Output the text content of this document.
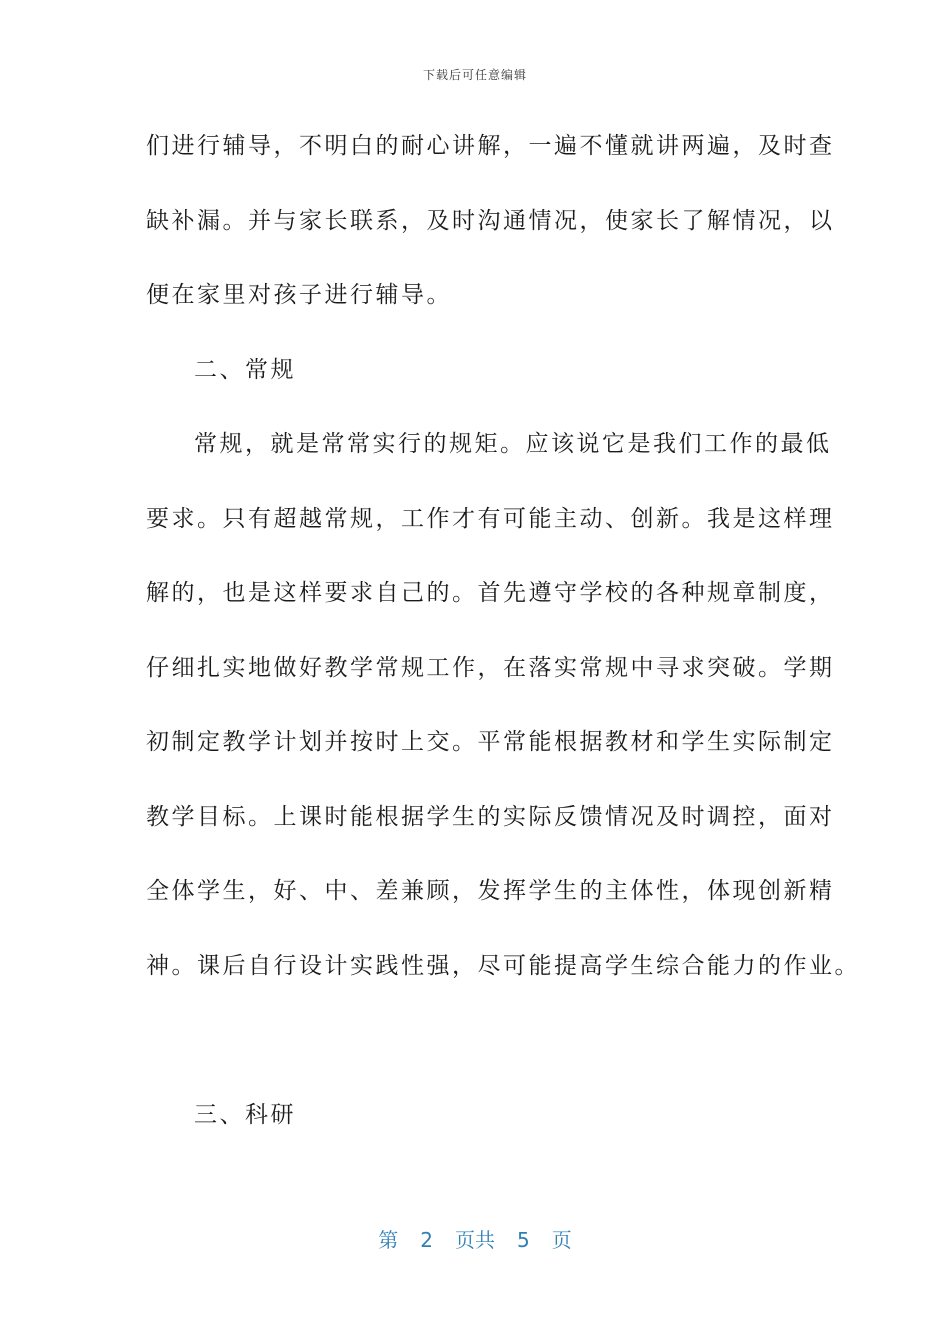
下载后可任意编辑
们进行辅导，不明白的耐心讲解，一遍不懂就讲两遍，及时查
缺补漏。并与家长联系，及时沟通情况，使家长了解情况，以
便在家里对孩子进行辅导。
二、常规
常规，就是常常实行的规矩。应该说它是我们工作的最低
要求。只有超越常规，工作才有可能主动、创新。我是这样理
解的，也是这样要求自己的。首先遵守学校的各种规章制度，
仔细扎实地做好教学常规工作，在落实常规中寻求突破。学期
初制定教学计划并按时上交。平常能根据教材和学生实际制定
教学目标。上课时能根据学生的实际反馈情况及时调控，面对
全体学生，好、中、差兼顾，发挥学生的主体性，体现创新精
神。课后自行设计实践性强，尽可能提高学生综合能力的作业。
三、科研
第 2 页共 5 页
